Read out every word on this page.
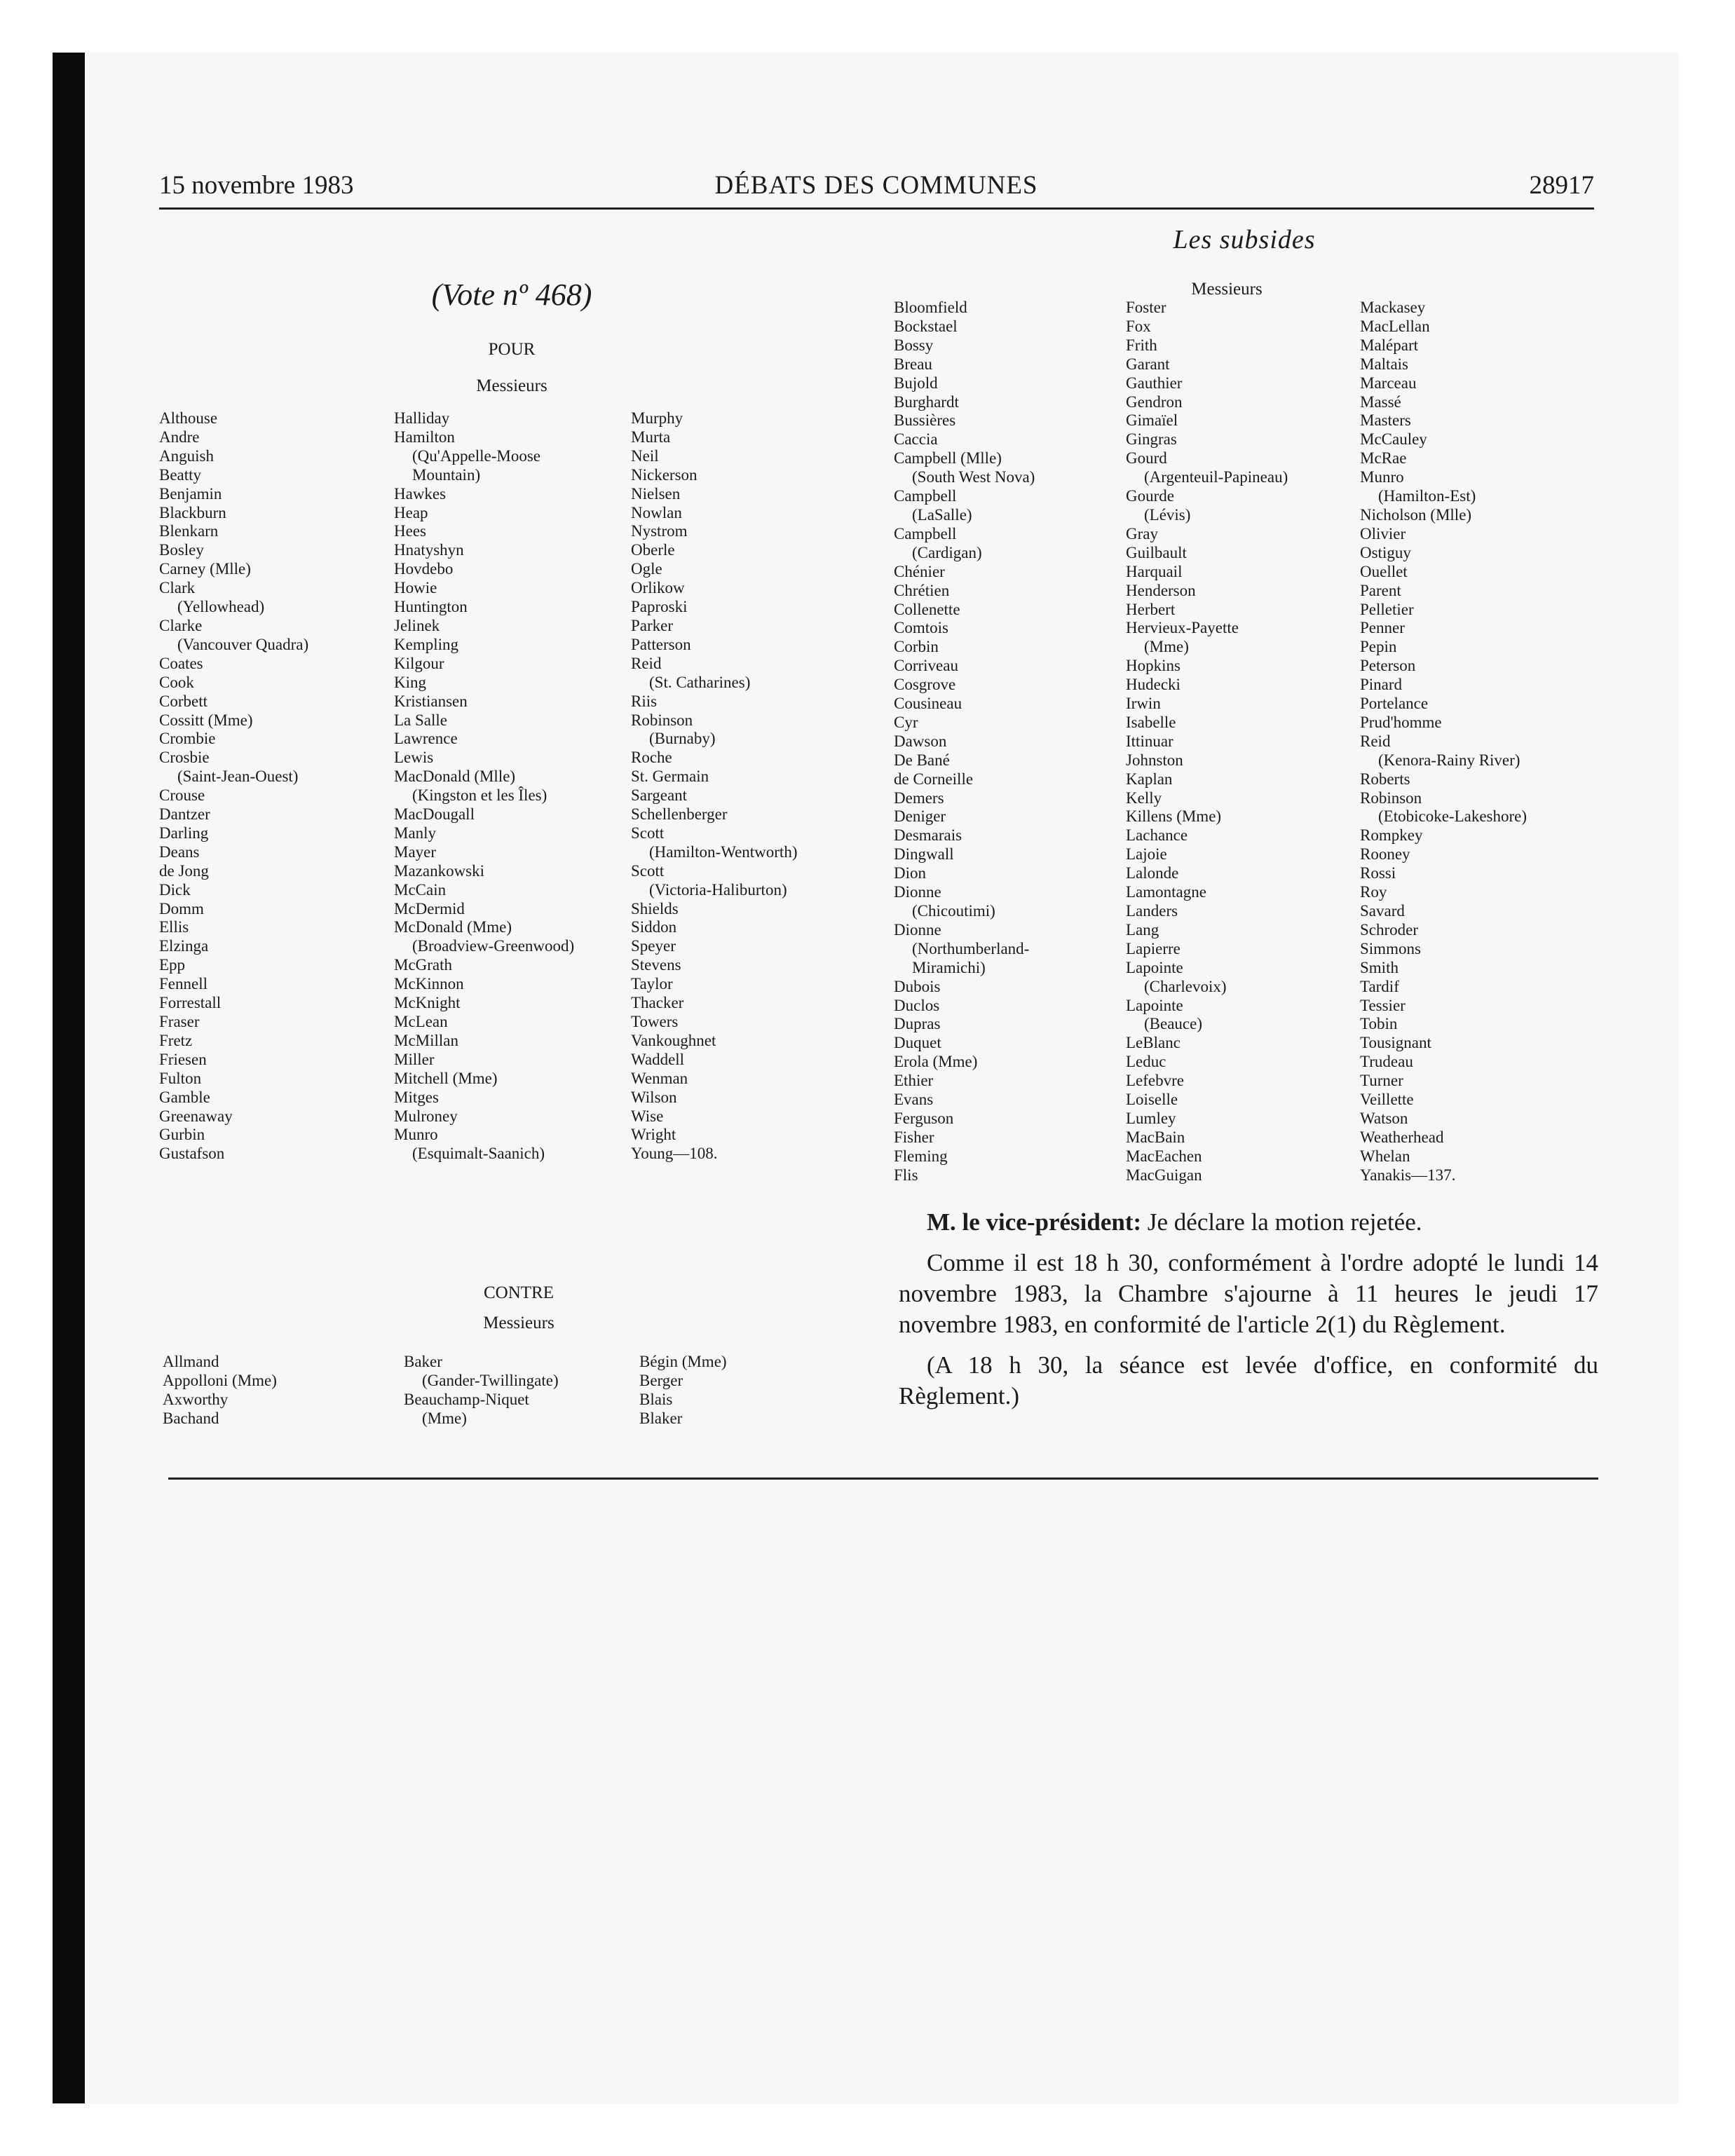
15 novembre 1983	DÉBATS DES COMMUNES	28917
Les subsides
(Vote nº 468)
POUR
Messieurs
Althouse
Andre
Anguish
Beatty
Benjamin
Blackburn
Blenkarn
Bosley
Carney (Mlle)
Clark
(Yellowhead)
Clarke
(Vancouver Quadra)
Coates
Cook
Corbett
Cossitt (Mme)
Crombie
Crosbie
(Saint-Jean-Ouest)
Crouse
Dantzer
Darling
Deans
de Jong
Dick
Domm
Ellis
Elzinga
Epp
Fennell
Forrestall
Fraser
Fretz
Friesen
Fulton
Gamble
Greenaway
Gurbin
Gustafson
Halliday
Hamilton
(Qu'Appelle-Moose
Mountain)
Hawkes
Heap
Hees
Hnatyshyn
Hovdebo
Howie
Huntington
Jelinek
Kempling
Kilgour
King
Kristiansen
La Salle
Lawrence
Lewis
MacDonald (Mlle)
(Kingston et les Îles)
MacDougall
Manly
Mayer
Mazankowski
McCain
McDermid
McDonald (Mme)
(Broadview-Greenwood)
McGrath
McKinnon
McKnight
McLean
McMillan
Miller
Mitchell (Mme)
Mitges
Mulroney
Munro
(Esquimalt-Saanich)
Murphy
Murta
Neil
Nickerson
Nielsen
Nowlan
Nystrom
Oberle
Ogle
Orlikow
Paproski
Parker
Patterson
Reid
(St. Catharines)
Riis
Robinson
(Burnaby)
Roche
St. Germain
Sargeant
Schellenberger
Scott
(Hamilton-Wentworth)
Scott
(Victoria-Haliburton)
Shields
Siddon
Speyer
Stevens
Taylor
Thacker
Towers
Vankoughnet
Waddell
Wenman
Wilson
Wise
Wright
Young—108.
Messieurs
Bloomfield
Bockstael
Bossy
Breau
Bujold
Burghardt
Bussières
Caccia
Campbell (Mlle)
(South West Nova)
Campbell
(LaSalle)
Campbell
(Cardigan)
Chénier
Chrétien
Collenette
Comtois
Corbin
Corriveau
Cosgrove
Cousineau
Cyr
Dawson
De Bané
de Corneille
Demers
Deniger
Desmarais
Dingwall
Dion
Dionne
(Chicoutimi)
Dionne
(Northumberland-
Miramichi)
Dubois
Duclos
Dupras
Duquet
Erola (Mme)
Ethier
Evans
Ferguson
Fisher
Fleming
Flis
Foster
Fox
Frith
Garant
Gauthier
Gendron
Gimaïel
Gingras
Gourd
(Argenteuil-Papineau)
Gourde
(Lévis)
Gray
Guilbault
Harquail
Henderson
Herbert
Hervieux-Payette
(Mme)
Hopkins
Hudecki
Irwin
Isabelle
Ittinuar
Johnston
Kaplan
Kelly
Killens (Mme)
Lachance
Lajoie
Lalonde
Lamontagne
Landers
Lang
Lapierre
Lapointe
(Charlevoix)
Lapointe
(Beauce)
LeBlanc
Leduc
Lefebvre
Loiselle
Lumley
MacBain
MacEachen
MacGuigan
Mackasey
MacLellan
Malépart
Maltais
Marceau
Massé
Masters
McCauley
McRae
Munro
(Hamilton-Est)
Nicholson (Mlle)
Olivier
Ostiguy
Ouellet
Parent
Pelletier
Penner
Pepin
Peterson
Pinard
Portelance
Prud'homme
Reid
(Kenora-Rainy River)
Roberts
Robinson
(Etobicoke-Lakeshore)
Rompkey
Rooney
Rossi
Roy
Savard
Schroder
Simmons
Smith
Tardif
Tessier
Tobin
Tousignant
Trudeau
Turner
Veillette
Watson
Weatherhead
Whelan
Yanakis—137.
CONTRE
Messieurs
Allmand
Appolloni (Mme)
Axworthy
Bachand
Baker
(Gander-Twillingate)
Beauchamp-Niquet
(Mme)
Bégin (Mme)
Berger
Blais
Blaker

M. le vice-président: Je déclare la motion rejetée.

Comme il est 18 h 30, conformément à l'ordre adopté le lundi 14 novembre 1983, la Chambre s'ajourne à 11 heures le jeudi 17 novembre 1983, en conformité de l'article 2(1) du Règlement.

(A 18 h 30, la séance est levée d'office, en conformité du Règlement.)
